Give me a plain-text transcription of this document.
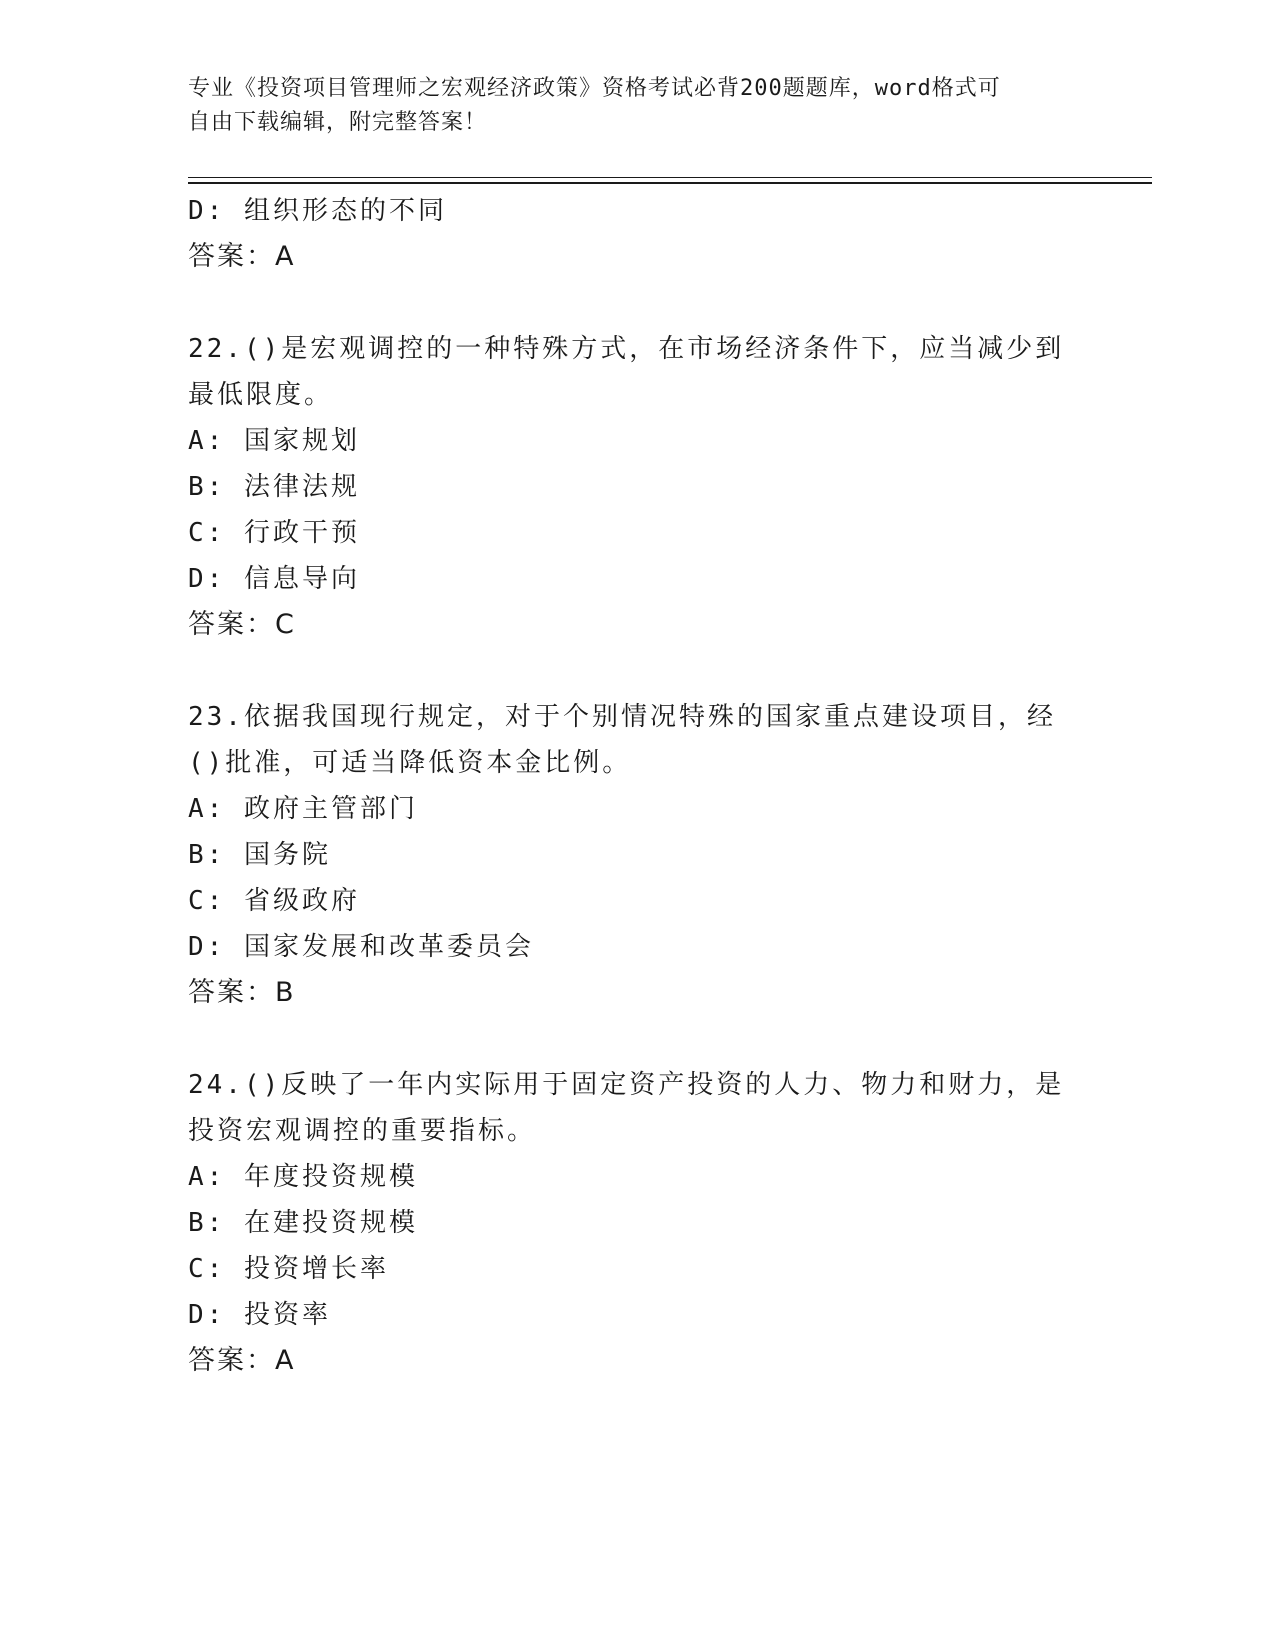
专业《投资项目管理师之宏观经济政策》资格考试必背200题题库，word格式可
自由下载编辑，附完整答案！
D: 组织形态的不同
答案：A
22.()是宏观调控的一种特殊方式，在市场经济条件下，应当减少到最低限度。
A: 国家规划
B: 法律法规
C: 行政干预
D: 信息导向
答案：C
23.依据我国现行规定，对于个别情况特殊的国家重点建设项目，经()批准，可适当降低资本金比例。
A: 政府主管部门
B: 国务院
C: 省级政府
D: 国家发展和改革委员会
答案：B
24.()反映了一年内实际用于固定资产投资的人力、物力和财力，是投资宏观调控的重要指标。
A: 年度投资规模
B: 在建投资规模
C: 投资增长率
D: 投资率
答案：A
